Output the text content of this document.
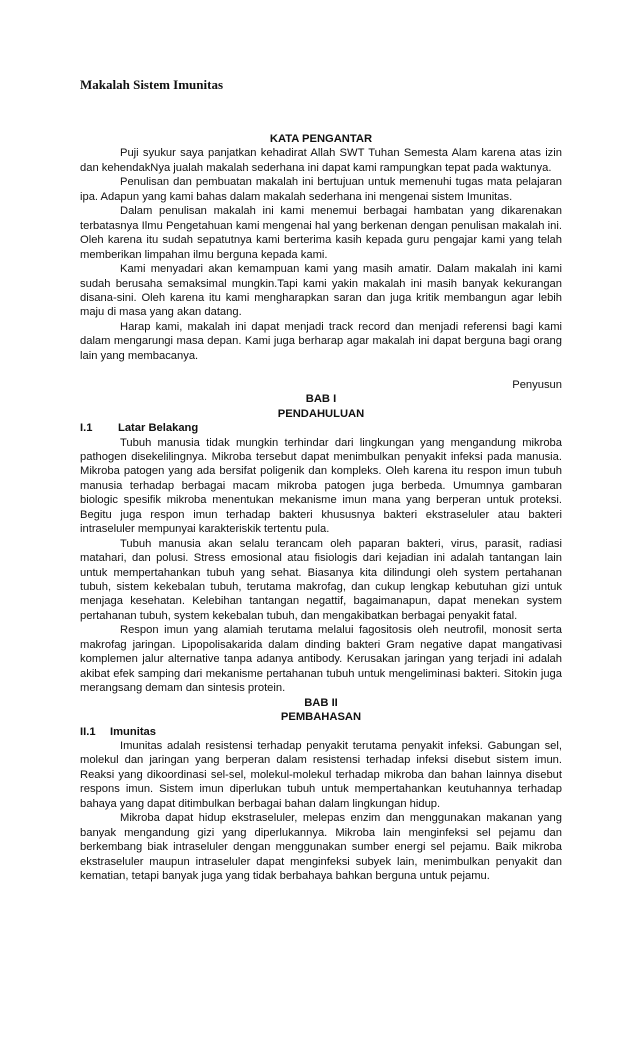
Makalah Sistem Imunitas
KATA PENGANTAR

Puji syukur saya panjatkan kehadirat Allah SWT Tuhan Semesta Alam karena atas izin dan kehendakNya jualah makalah sederhana ini dapat kami rampungkan tepat pada waktunya.

Penulisan dan pembuatan makalah ini bertujuan untuk memenuhi tugas mata pelajaran ipa. Adapun yang kami bahas dalam makalah sederhana ini mengenai sistem Imunitas.

Dalam penulisan makalah ini kami menemui berbagai hambatan yang dikarenakan terbatasnya Ilmu Pengetahuan kami mengenai hal yang berkenan dengan penulisan makalah ini. Oleh karena itu sudah sepatutnya kami berterima kasih kepada guru pengajar kami yang telah memberikan limpahan ilmu berguna kepada kami.

Kami menyadari akan kemampuan kami yang masih amatir. Dalam makalah ini kami sudah berusaha semaksimal mungkin.Tapi kami yakin makalah ini masih banyak kekurangan disana-sini. Oleh karena itu kami mengharapkan saran dan juga kritik membangun agar lebih maju di masa yang akan datang.

Harap kami, makalah ini dapat menjadi track record dan menjadi referensi bagi kami dalam mengarungi masa depan. Kami juga berharap agar makalah ini dapat berguna bagi orang lain yang membacanya.

Penyusun
BAB I
PENDAHULUAN
I.1 Latar Belakang

Tubuh manusia tidak mungkin terhindar dari lingkungan yang mengandung mikroba pathogen disekelilingnya. Mikroba tersebut dapat menimbulkan penyakit infeksi pada manusia. Mikroba patogen yang ada bersifat poligenik dan kompleks. Oleh karena itu respon imun tubuh manusia terhadap berbagai macam mikroba patogen juga berbeda. Umumnya gambaran biologic spesifik mikroba menentukan mekanisme imun mana yang berperan untuk proteksi. Begitu juga respon imun terhadap bakteri khususnya bakteri ekstraseluler atau bakteri intraseluler mempunyai karakteriskik tertentu pula.

Tubuh manusia akan selalu terancam oleh paparan bakteri, virus, parasit, radiasi matahari, dan polusi. Stress emosional atau fisiologis dari kejadian ini adalah tantangan lain untuk mempertahankan tubuh yang sehat. Biasanya kita dilindungi oleh system pertahanan tubuh, sistem kekebalan tubuh, terutama makrofag, dan cukup lengkap kebutuhan gizi untuk menjaga kesehatan. Kelebihan tantangan negattif, bagaimanapun, dapat menekan system pertahanan tubuh, system kekebalan tubuh, dan mengakibatkan berbagai penyakit fatal.

Respon imun yang alamiah terutama melalui fagositosis oleh neutrofil, monosit serta makrofag jaringan. Lipopolisakarida dalam dinding bakteri Gram negative dapat mangativasi komplemen jalur alternative tanpa adanya antibody. Kerusakan jaringan yang terjadi ini adalah akibat efek samping dari mekanisme pertahanan tubuh untuk mengeliminasi bakteri. Sitokin juga merangsang demam dan sintesis protein.

BAB II
PEMBAHASAN
II.1 Imunitas

Imunitas adalah resistensi terhadap penyakit terutama penyakit infeksi. Gabungan sel, molekul dan jaringan yang berperan dalam resistensi terhadap infeksi disebut sistem imun. Reaksi yang dikoordinasi sel-sel, molekul-molekul terhadap mikroba dan bahan lainnya disebut respons imun. Sistem imun diperlukan tubuh untuk mempertahankan keutuhannya terhadap bahaya yang dapat ditimbulkan berbagai bahan dalam lingkungan hidup.

Mikroba dapat hidup ekstraseluler, melepas enzim dan menggunakan makanan yang banyak mengandung gizi yang diperlukannya. Mikroba lain menginfeksi sel pejamu dan berkembang biak intraseluler dengan menggunakan sumber energi sel pejamu. Baik mikroba ekstraseluler maupun intraseluler dapat menginfeksi subyek lain, menimbulkan penyakit dan kematian, tetapi banyak juga yang tidak berbahaya bahkan berguna untuk pejamu.
